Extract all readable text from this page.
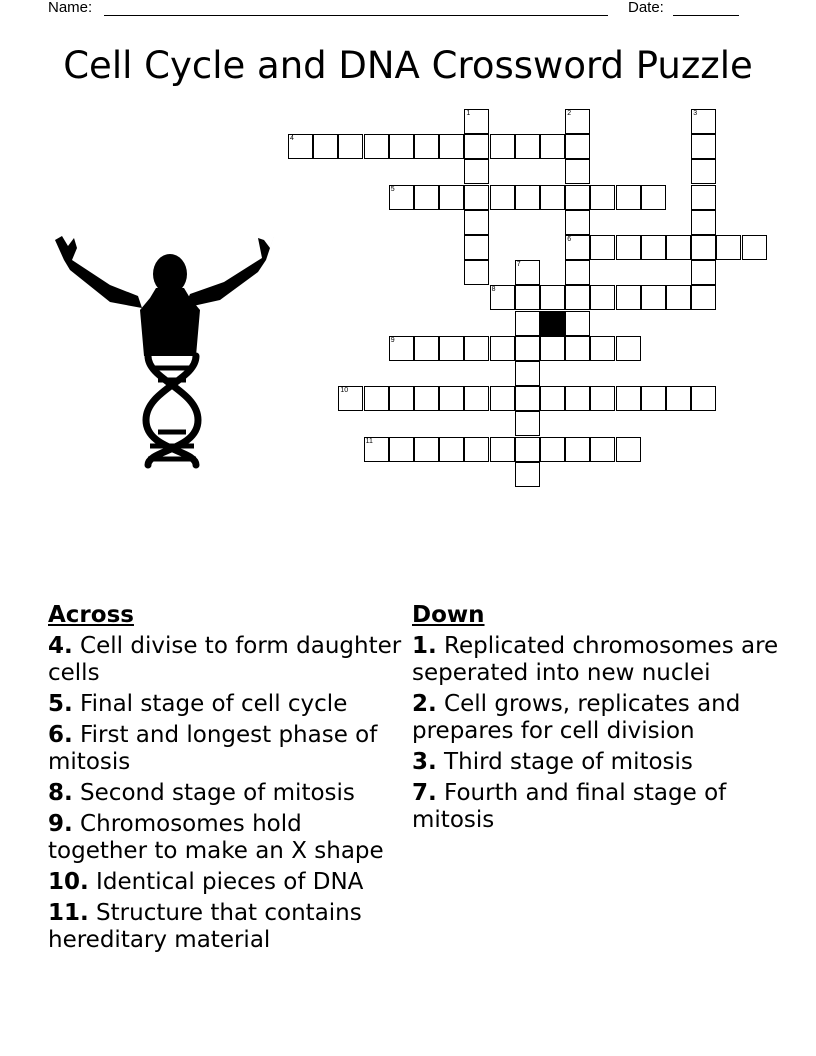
Name:	Date:
Cell Cycle and DNA Crossword Puzzle
1	2
6
3
4
5
7
8
9
10
11
Across
4. Cell divise to form daughter cells
5. Final stage of cell cycle
6. First and longest phase of mitosis
8. Second stage of mitosis
9. Chromosomes hold together to make an X shape
10. Identical pieces of DNA
11. Structure that contains hereditary material
Down
1. Replicated chromosomes are seperated into new nuclei
2. Cell grows, replicates and prepares for cell division
3. Third stage of mitosis
7. Fourth and final stage of mitosis
